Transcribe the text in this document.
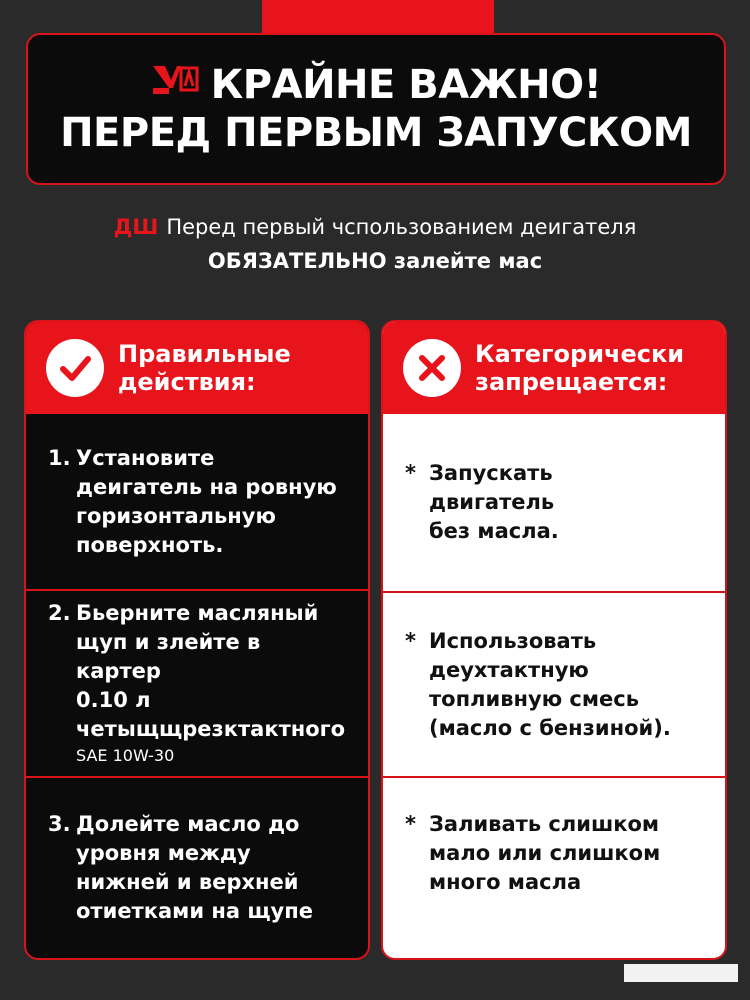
КРАЙНЕ ВАЖНО!
ПЕРЕД ПЕРВЫМ ЗАПУСКОМ
ДШ Перед первый чспользованием деигателя
ОБЯЗАТЕЛЬНО залейте мас
Правильные
действия:
1. Установите
деигатель на ровную
горизонтальную
поверхноть.
2. Бьерните масляный
щуп и злейте в картер
0.10 л
четыщщрезктактного
SAE 10W-30
3. Долейте масло до
уровня между
нижней и верхней
отиетками на щупе
Категорически
запрещается:
* Запускать
двигатель
без масла.
* Использовать
деухтактную
топливную смесь
(масло с бензиной).
* Заливать слишком
мало или слишком
много масла
